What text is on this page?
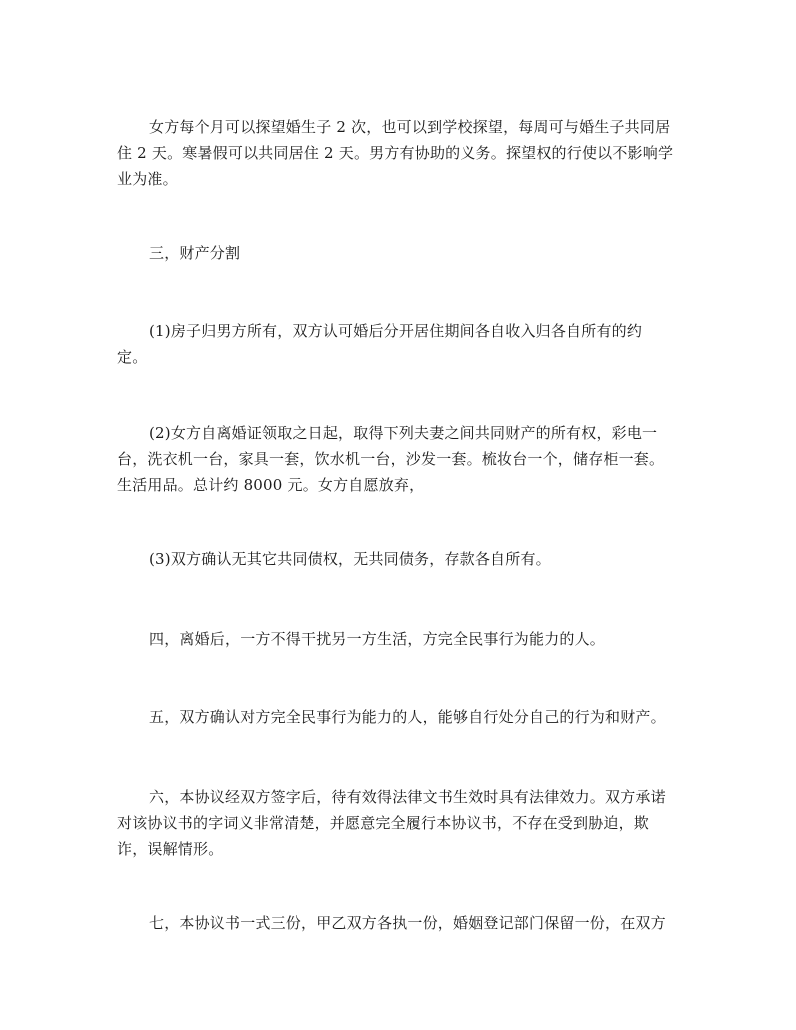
女方每个月可以探望婚生子 2 次，也可以到学校探望，每周可与婚生子共同居
住 2 天。寒暑假可以共同居住 2 天。男方有协助的义务。探望权的行使以不影响学
业为准。

三，财产分割

(1)房子归男方所有，双方认可婚后分开居住期间各自收入归各自所有的约
定。

(2)女方自离婚证领取之日起，取得下列夫妻之间共同财产的所有权，彩电一
台，洗衣机一台，家具一套，饮水机一台，沙发一套。梳妆台一个，储存柜一套。
生活用品。总计约 8000 元。女方自愿放弃，

(3)双方确认无其它共同债权，无共同债务，存款各自所有。

四，离婚后，一方不得干扰另一方生活，方完全民事行为能力的人。

五，双方确认对方完全民事行为能力的人，能够自行处分自己的行为和财产。

六，本协议经双方签字后，待有效得法律文书生效时具有法律效力。双方承诺
对该协议书的字词义非常清楚，并愿意完全履行本协议书，不存在受到胁迫，欺
诈，误解情形。

七，本协议书一式三份，甲乙双方各执一份，婚姻登记部门保留一份，在双方
